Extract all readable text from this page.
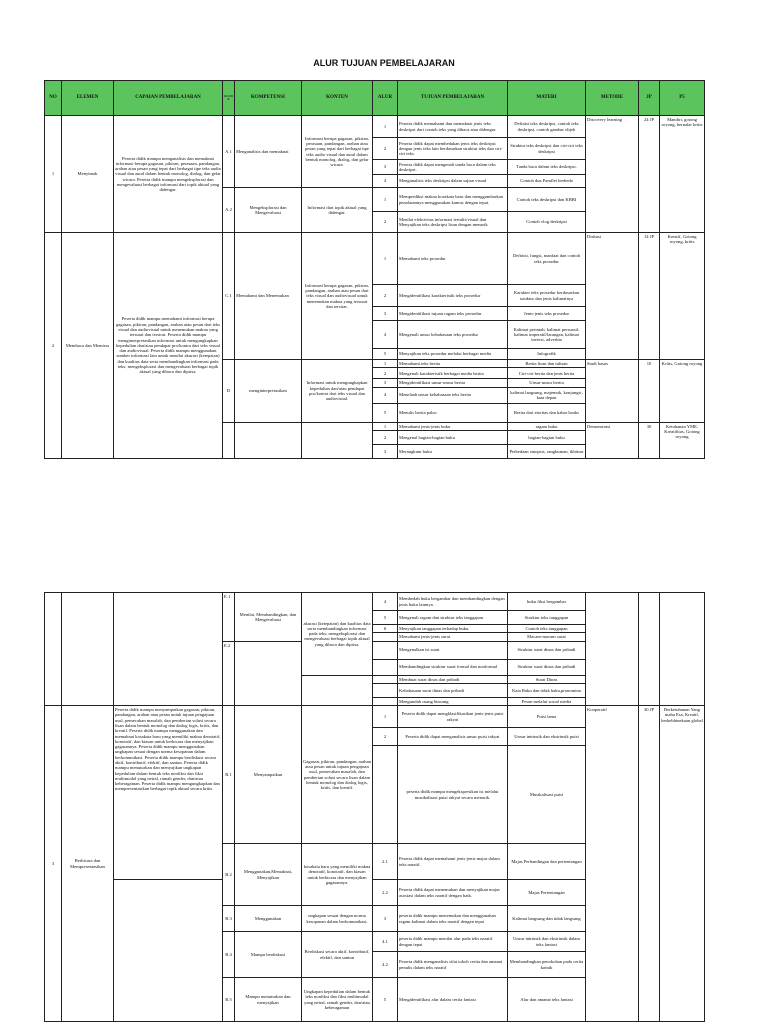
ALUR TUJUAN PEMBELAJARAN
NO	ELEMEN	CAPAIAN PEMBELAJARAN	K O D E	KOMPETENSI	KONTEN	ALUR	TUJUAN PEMBELAJARAN	MATERI	METODE	JP	P5
1	Menyimak	Peserta didik mampu menganalisis dan memaknai informasi berupa gagasan, pikiran, perasaan, pandangan, arahan atau pesan yang tepat dari berbagai tipe teks audio visual dan aural dalam bentuk monolog, dialog, dan gelar wicara. Peserta didik mampu mengeksplorasi dan mengevaluasi berbagai informasi dari topik aktual yang didengar.	A.1	Menganalisis dan memaknai	Informasi berupa gagasan, pikiran, perasaan, pandangan, arahan atau pesan yang tepat dari berbagai tipe teks audio visual dan aural dalam bentuk monolog, dialog, dan gelar wicara.	1	Peserta didik memahami dan memaknai jenis teks deskripsi dari contoh teks yang dibaca atau didengar.	Definisi teks deskripsi, contoh teks deskripsi, contoh gambar objek	Discovery learning	24 JP	Mandiri, gotong royong, bernalar kritis
						2	Peserta didik dapat membedakan jenis teks deskripsi dengan jenis teks lain berdasarkan struktur teks dan ciri-ciri teks.	Struktur teks deskripsi dan ciri-ciri teks deskripsi			
						3	Peserta didik dapat mengenali tanda baca dalam teks deskripsi.	Tanda baca dalam teks deskripsi.			
						4	Menganalisis teks deskripsi dalam sajian visual	Contoh dua Pamflet berbeda			
			A.2	Mengeksplorasi dan Mengevaluasi	Informasi dari topik aktual yang didengar.	1	Memprediksi makna kosakata baru dan menggambarkan penalarannya menggunakan kamus dengan tepat.	Contoh teks deskripsi dan KBBI			
						2	Menilai efektivitas informasi tertulis/visual dan Menyajikan teks deskripsi lisan dengan menarik	Contoh vlog deskripsi			
2	Membaca dan Memirsa	Peserta didik mampu memahami informasi berupa gagasan, pikiran, pandangan, arahan atau pesan dari teks visual dan audiovisual untuk menemukan makna yang tersurat dan tersirat. Peserta didik mampu menginterpretasikan informasi untuk mengungkapkan kepedulian dan/atau pendapat pro/kontra dari teks visual dan audiovisual. Peserta didik mampu menggunakan sumber informasi lain untuk menilai akurasi (ketepatan) dan kualitas data serta membandingkan informasi pada teks; mengeksplorasi dan mengevaluasi berbagai topik aktual yang dibaca dan dipirsa.	C.1	Memahami dan Menemukan	Informasi berupa gagasan, pikiran, pandangan, arahan atau pesan dari teks visual dan audiovisual untuk menemukan makna yang tersurat dan tersirat.	1	Memahami teks prosedur	Definisi, fungsi, manfaat dan contoh teks prosedur	Diskusi	14 JP	Kreatif, Gotong royong, kritis
						2	Mengidentifikasi karakteristik teks prosedur	Karakter teks prosedur berdasarkan struktur dan jenis kalimatnya			
						3	Mengidentifikasi tujuan ragam teks prosedur	Jenis-jenis teks prosedur			
						4	Mengenali unsur kebahasaan teks prosedur	Kalimat perintah, kalimat persuasif, kalimat imperatif/larangan, kalimat inversi, adverbia			
						5	Menyajikan teks prosedur melalui berbagai media	Infografik			
			D	menginterpretasikan	Informasi untuk mengungkapkan kepedulian dan/atau pendapat pro/kontra dari teks visual dan audiovisual.	1	Memahami teks berita	Berita lisan dan tulisan	Studi kasus	10	Kritis, Gotong royong
						2	Mengenali karakteristik berbagai media berita	Ciri-ciri berita dan jenis berita			
						3	Mengidentifikasi unsur-unsur berita	Unsur-unsur berita			
						4	Menelaah unsur kebahasaan teks berita	kalimat langsung, majemuk, konjungsi, kata depan			
						5	Menulis berita palsu	Berita dari etoritas dan kabar hoaks			
						1	Memahami jenis-jenis buku	ragam buku	Demonstrasi	30	Ketuhanan YME, Kreatifitas, Gotong royong
						2	Mengenal bagian-bagian buku	bagian-bagian buku			
						3	Merangkum buku	Perbedaan sinopsis, rangkuman, ikhtisar			
			E.1	Menilai, Membandingkan, dan Mengevaluasi	akurasi (ketepatan) dan kualitas data serta membandingkan informasi pada teks; mengeksplorasi dan mengevaluasi berbagai topik aktual yang dibaca dan dipirsa.	4	Membedah buku bergambar dan membandingkan dengan jenis buku lainnya.	buku fiksi bergambar			
						5	Mengenali ragam dan struktur teks tanggapan	Struktur teks tanggapan			
						6	Menyajikan tanggapan terhadap buku.	Contoh teks tanggapan			
							Memahami jenis-jenis surat	Macam-macam surat			
			E.2				Mengenalkan isi surat	Struktur surat dinas dan pribadi			
							Membandingkan struktur surat formal dan nonformal	Struktur surat dinas dan pribadi			
							Membuat surat dinas dan pribadi	Surat Dinas			
							Kebahasaan surat dinas dan pribadi	Kata Baku dan tidak baku,pronomina			
							Mengunduh ruang bincang	Pesan melalui sosial media			
3	Berbicara dan Mempresentasikan	Peserta didik mampu menyampaikan gagasan, pikiran, pandangan, arahan atau pesan untuk tujuan pengajuan usul, pemecahan masalah, dan pemberian solusi secara lisan dalam bentuk monolog dan dialog logis, kritis, dan kreatif. Peserta didik mampu menggunakan dan memaknai kosakata baru yang memiliki makna denotatif, konotatif, dan kiasan untuk berbicara dan menyajikan gagasannya. Peserta didik mampu menggunakan ungkapan sesuai dengan norma kesopanan dalam berkomunikasi. Peserta didik mampu berdiskusi secara aktif, kontributif, efektif, dan santun. Peserta didik mampu menuturkan dan menyajikan ungkapan kepedulian dalam bentuk teks nonfiksi dan fiksi multimodal yang netral, ramah gender, dan/atau keberagaman. Peserta didik mampu mengungkapkan dan mempresentasikan berbagai topik aktual secara kritis	B.1	Menyampaikan	Gagasan, pikiran, pandangan, arahan atau pesan untuk tujuan pengajuan usul, pemecahan masalah, dan pemberian solusi secara lisan dalam bentuk monolog dan dialog logis, kritis, dan kreatif.	1	Peserta didik dapat mengklasifikasikan jenis-jenis puisi rakyat	Puisi lama	Kooperatif	30 JP	Berketuhanan Yang maha Esa, Kreatif, berkebhinekaan global
						2	Peserta didik dapat menganalisis unsur puisi rakyat	Unsur intrinsik dan ekstrinsik puisi			
							peserta didik mampu mengekspresikan isi melalui musikalisasi puisi rakyat secara menarik.	Musikalisasi puisi			
			B.2	Menggunakan,Memaknai, Menyajikan	kosakata baru yang memiliki makna denotatif, konotatif, dan kiasan untuk berbicara dan menyajikan gagasannya.	2.1	Peserta didik dapat memahami jenis-jenis majas dalam teks naratif.	Majas Perbandingan dan pertentangan			
						2.2	Peserta didik dapat menemukan dan menyajikan majas asosiasi dalam teks naratif dengan baik.	Majas Pertentangan			
			B.3	Menggunakan	ungkapan sesuai dengan norma kesopanan dalam berkomunikasi.	3	peserta didik mampu menemukan dan menggunakan ragam kalimat dalam teks naratif dengan tepat	Kalimat langsung dan tidak langsung			
			B.4	Mampu berdiskusi	Berdiskusi secara aktif, kontributif, efektif, dan santun	4.1	peserta didik mampu menilai alur pada teks naratif dengan tepat	Unsur intrinsik dan ekstrinsik dalam teks fantasi			
						4.2	Peserta didik menganalisis sifat tokoh cerita dan amanat penulis dalam teks naratif	Membandingkan penokohan pada cerita komik			
			B.5	Mampu menuturkan dan menyajikan	Ungkapan kepedulian dalam bentuk teks nonfiksi dan fiksi multimodal yang netral, ramah gender, dan/atau keberagaman	5	Mengidentifikasi alur dalam cerita fantasi	Alur dan amanat teks fantasi			
